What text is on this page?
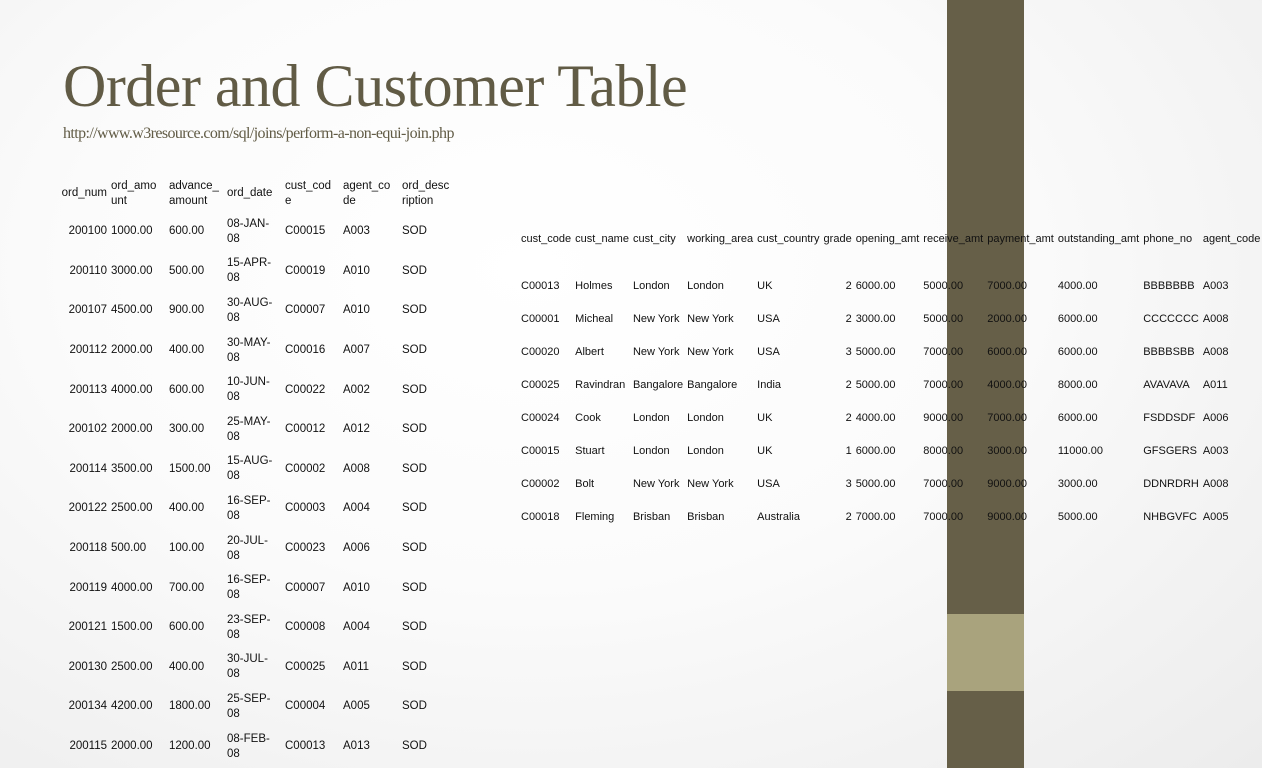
Order and Customer Table
http://www.w3resource.com/sql/joins/perform-a-non-equi-join.php
ord_num	ord_amo unt	advance_ amount	ord_date	cust_cod e	agent_co de	ord_desc ription
200100	1000.00	600.00	08-JAN-08	C00015	A003	SOD
200110	3000.00	500.00	15-APR-08	C00019	A010	SOD
200107	4500.00	900.00	30-AUG-08	C00007	A010	SOD
200112	2000.00	400.00	30-MAY-08	C00016	A007	SOD
200113	4000.00	600.00	10-JUN-08	C00022	A002	SOD
200102	2000.00	300.00	25-MAY-08	C00012	A012	SOD
200114	3500.00	1500.00	15-AUG-08	C00002	A008	SOD
200122	2500.00	400.00	16-SEP-08	C00003	A004	SOD
200118	500.00	100.00	20-JUL-08	C00023	A006	SOD
200119	4000.00	700.00	16-SEP-08	C00007	A010	SOD
200121	1500.00	600.00	23-SEP-08	C00008	A004	SOD
200130	2500.00	400.00	30-JUL-08	C00025	A011	SOD
200134	4200.00	1800.00	25-SEP-08	C00004	A005	SOD
200115	2000.00	1200.00	08-FEB-08	C00013	A013	SOD
cust_code	cust_name	cust_city	working_area	cust_country	grade	opening_amt	receive_amt	payment_amt	outstanding_amt	phone_no	agent_code
C00013	Holmes	London	London	UK	2	6000.00	5000.00	7000.00	4000.00	BBBBBBB	A003
C00001	Micheal	New York	New York	USA	2	3000.00	5000.00	2000.00	6000.00	CCCCCCC	A008
C00020	Albert	New York	New York	USA	3	5000.00	7000.00	6000.00	6000.00	BBBBSBB	A008
C00025	Ravindran	Bangalore	Bangalore	India	2	5000.00	7000.00	4000.00	8000.00	AVAVAVA	A011
C00024	Cook	London	London	UK	2	4000.00	9000.00	7000.00	6000.00	FSDDSDF	A006
C00015	Stuart	London	London	UK	1	6000.00	8000.00	3000.00	11000.00	GFSGERS	A003
C00002	Bolt	New York	New York	USA	3	5000.00	7000.00	9000.00	3000.00	DDNRDRH	A008
C00018	Fleming	Brisban	Brisban	Australia	2	7000.00	7000.00	9000.00	5000.00	NHBGVFC	A005
